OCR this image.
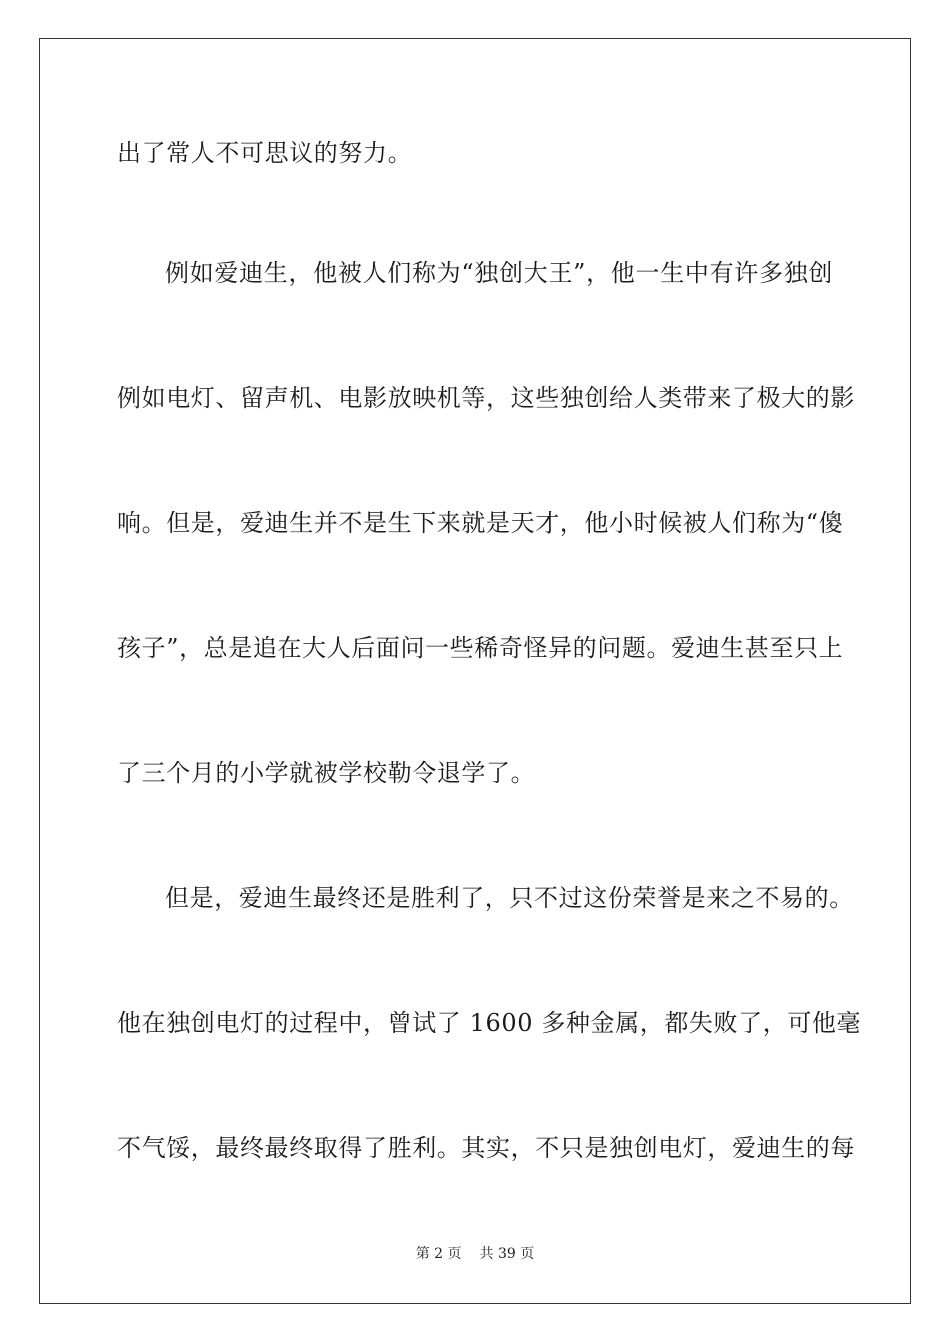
出了常人不可思议的努力。
例如爱迪生，他被人们称为“独创大王”，他一生中有许多独创
例如电灯、留声机、电影放映机等，这些独创给人类带来了极大的影
响。但是，爱迪生并不是生下来就是天才，他小时候被人们称为“傻
孩子”，总是追在大人后面问一些稀奇怪异的问题。爱迪生甚至只上
了三个月的小学就被学校勒令退学了。
但是，爱迪生最终还是胜利了，只不过这份荣誉是来之不易的。
他在独创电灯的过程中，曾试了 1600 多种金属，都失败了，可他毫
不气馁，最终最终取得了胜利。其实，不只是独创电灯，爱迪生的每
第 2 页 共 39 页
